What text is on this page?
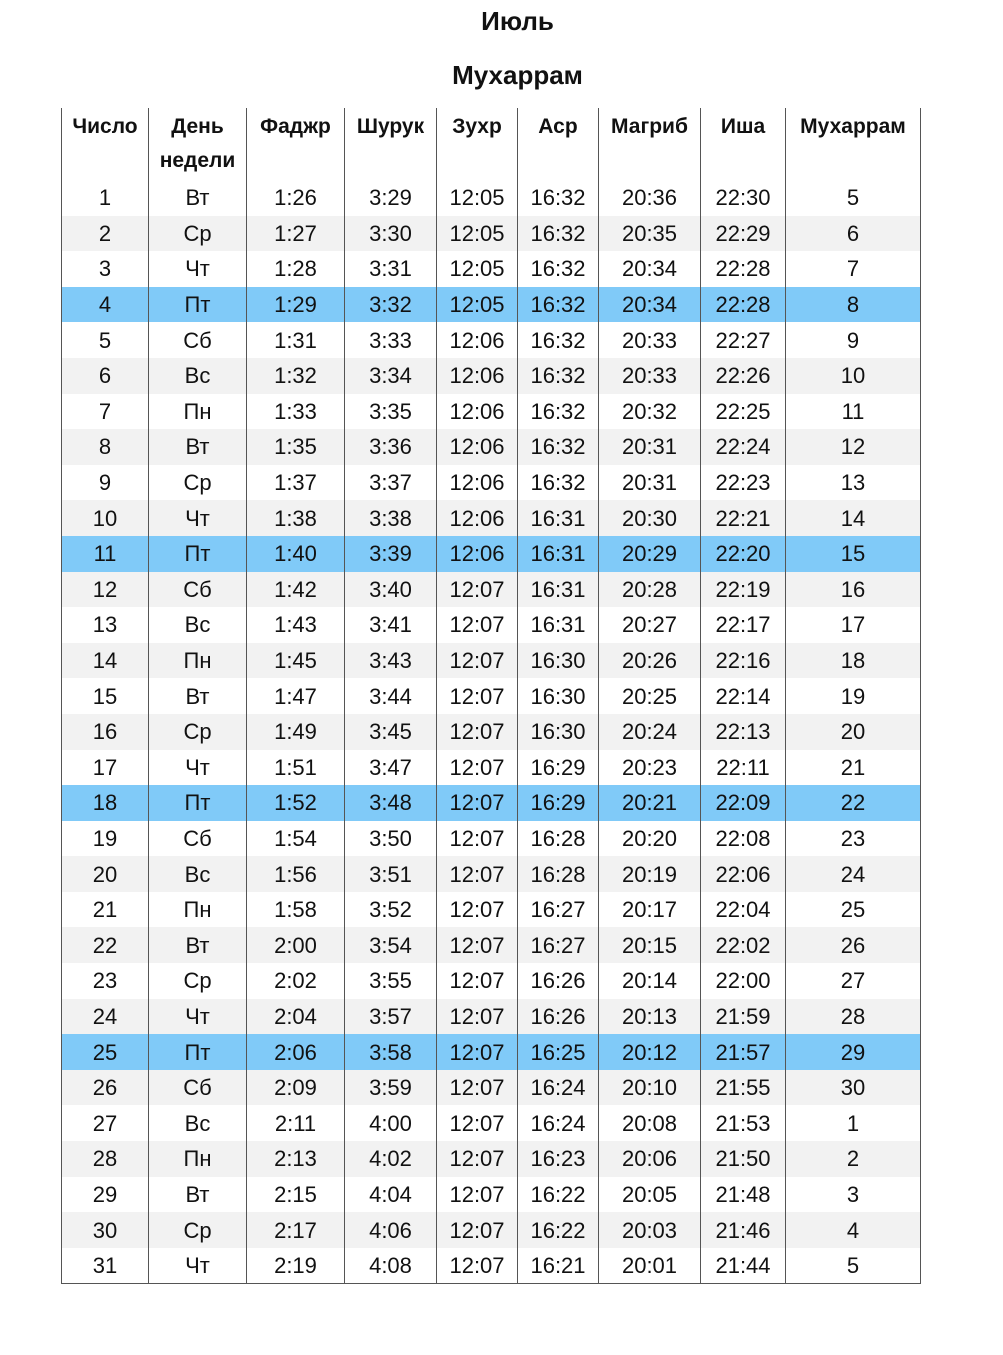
Июль
Мухаррам
Число	День недели	Фаджр	Шурук	Зухр	Аср	Магриб	Иша	Мухаррам
1	Вт	1:26	3:29	12:05	16:32	20:36	22:30	5
2	Ср	1:27	3:30	12:05	16:32	20:35	22:29	6
3	Чт	1:28	3:31	12:05	16:32	20:34	22:28	7
4	Пт	1:29	3:32	12:05	16:32	20:34	22:28	8
5	Сб	1:31	3:33	12:06	16:32	20:33	22:27	9
6	Вс	1:32	3:34	12:06	16:32	20:33	22:26	10
7	Пн	1:33	3:35	12:06	16:32	20:32	22:25	11
8	Вт	1:35	3:36	12:06	16:32	20:31	22:24	12
9	Ср	1:37	3:37	12:06	16:32	20:31	22:23	13
10	Чт	1:38	3:38	12:06	16:31	20:30	22:21	14
11	Пт	1:40	3:39	12:06	16:31	20:29	22:20	15
12	Сб	1:42	3:40	12:07	16:31	20:28	22:19	16
13	Вс	1:43	3:41	12:07	16:31	20:27	22:17	17
14	Пн	1:45	3:43	12:07	16:30	20:26	22:16	18
15	Вт	1:47	3:44	12:07	16:30	20:25	22:14	19
16	Ср	1:49	3:45	12:07	16:30	20:24	22:13	20
17	Чт	1:51	3:47	12:07	16:29	20:23	22:11	21
18	Пт	1:52	3:48	12:07	16:29	20:21	22:09	22
19	Сб	1:54	3:50	12:07	16:28	20:20	22:08	23
20	Вс	1:56	3:51	12:07	16:28	20:19	22:06	24
21	Пн	1:58	3:52	12:07	16:27	20:17	22:04	25
22	Вт	2:00	3:54	12:07	16:27	20:15	22:02	26
23	Ср	2:02	3:55	12:07	16:26	20:14	22:00	27
24	Чт	2:04	3:57	12:07	16:26	20:13	21:59	28
25	Пт	2:06	3:58	12:07	16:25	20:12	21:57	29
26	Сб	2:09	3:59	12:07	16:24	20:10	21:55	30
27	Вс	2:11	4:00	12:07	16:24	20:08	21:53	1
28	Пн	2:13	4:02	12:07	16:23	20:06	21:50	2
29	Вт	2:15	4:04	12:07	16:22	20:05	21:48	3
30	Ср	2:17	4:06	12:07	16:22	20:03	21:46	4
31	Чт	2:19	4:08	12:07	16:21	20:01	21:44	5
